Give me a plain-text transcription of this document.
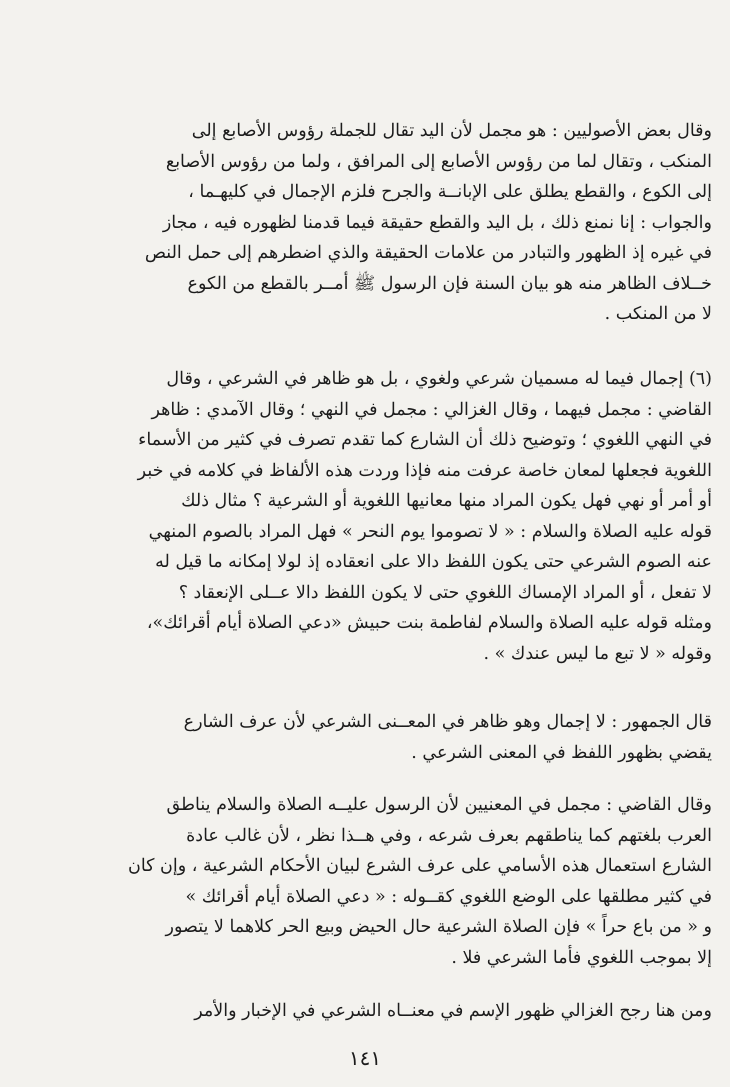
وقال بعض الأصوليين : هو مجمل لأن اليد تقال للجملة رؤوس الأصابع إلى
المنكب ، وتقال لما من رؤوس الأصابع إلى المرافق ، ولما من رؤوس الأصابع
إلى الكوع ، والقطع يطلق على الإبانــة والجرح فلزم الإجمال في كليهـما ،
والجواب : إنا نمنع ذلك ، بل اليد والقطع حقيقة فيما قدمنا لظهوره فيه ، مجاز
في غيره إذ الظهور والتبادر من علامات الحقيقة والذي اضطرهم إلى حمل النص
خــلاف الظاهر منه هو بيان السنة فإن الرسول ﷺ أمــر بالقطع من الكوع
لا من المنكب .
(٦) إجمال فيما له مسميان شرعي ولغوي ، بل هو ظاهر في الشرعي ، وقال
القاضي : مجمل فيهما ، وقال الغزالي : مجمل في النهي ؛ وقال الآمدي : ظاهر
في النهي اللغوي ؛ وتوضيح ذلك أن الشارع كما تقدم تصرف في كثير من الأسماء
اللغوية فجعلها لمعان خاصة عرفت منه فإذا وردت هذه الألفاظ في كلامه في خبر
أو أمر أو نهي فهل يكون المراد منها معانيها اللغوية أو الشرعية ؟ مثال ذلك
قوله عليه الصلاة والسلام : « لا تصوموا يوم النحر » فهل المراد بالصوم المنهي
عنه الصوم الشرعي حتى يكون اللفظ دالا على انعقاده إذ لولا إمكانه ما قيل له
لا تفعل ، أو المراد الإمساك اللغوي حتى لا يكون اللفظ دالا عــلى الإنعقاد ؟
ومثله قوله عليه الصلاة والسلام لفاطمة بنت حبيش «دعي الصلاة أيام أقرائك»،
وقوله « لا تبع ما ليس عندك » .
قال الجمهور : لا إجمال وهو ظاهر في المعــنى الشرعي لأن عرف الشارع
يقضي بظهور اللفظ في المعنى الشرعي .
وقال القاضي : مجمل في المعنيين لأن الرسول عليــه الصلاة والسلام يناطق
العرب بلغتهم كما يناطقهم بعرف شرعه ، وفي هــذا نظر ، لأن غالب عادة
الشارع استعمال هذه الأسامي على عرف الشرع لبيان الأحكام الشرعية ، وإن كان
في كثير مطلقها على الوضع اللغوي كقــوله : « دعي الصلاة أيام أقرائك »
و « من باع حراً » فإن الصلاة الشرعية حال الحيض وبيع الحر كلاهما لا يتصور
إلا بموجب اللغوي فأما الشرعي فلا .
ومن هنا رجح الغزالي ظهور الإسم في معنــاه الشرعي في الإخبار والأمر
١٤١
